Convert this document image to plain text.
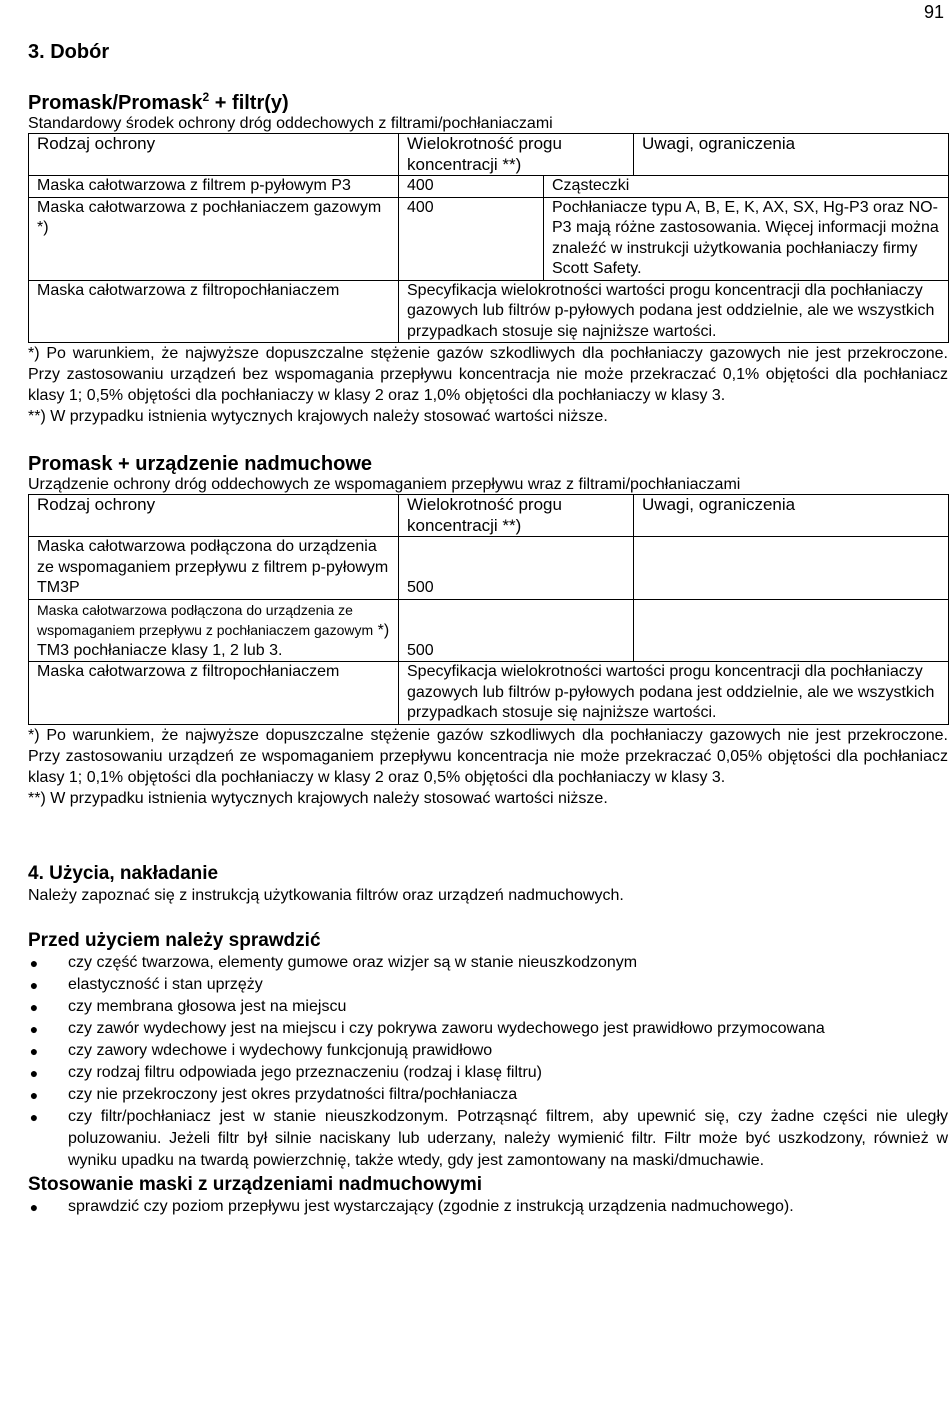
91
3. Dobór
Promask/Promask$^2$ + filtr(y)
Standardowy środek ochrony dróg oddechowych z filtrami/pochłaniaczami
Rodzaj ochrony	Wielokrotność progu koncentracji **)		Uwagi, ograniczenia
Maska całotwarzowa z filtrem p-pyłowym P3	400	Cząsteczki	
Maska całotwarzowa z pochłaniaczem gazowym *)	400	Pochłaniacze typu A, B, E, K, AX, SX, Hg-P3 oraz NO-P3 mają różne zastosowania. Więcej informacji można znaleźć w instrukcji użytkowania pochłaniaczy firmy Scott Safety.	
Maska całotwarzowa z filtropochłaniaczem	Specyfikacja wielokrotności wartości progu koncentracji dla pochłaniaczy gazowych lub filtrów p-pyłowych podana jest oddzielnie, ale we wszystkich przypadkach stosuje się najniższe wartości.		
*) Po warunkiem, że najwyższe dopuszczalne stężenie gazów szkodliwych dla pochłaniaczy gazowych nie jest przekroczone. Przy zastosowaniu urządzeń bez wspomagania przepływu koncentracja nie może przekraczać 0,1% objętości dla pochłaniacz klasy 1; 0,5% objętości dla pochłaniaczy w klasy 2 oraz 1,0% objętości dla pochłaniaczy w klasy 3.
**) W przypadku istnienia wytycznych krajowych należy stosować wartości niższe.
Promask + urządzenie nadmuchowe
Urządzenie ochrony dróg oddechowych ze wspomaganiem przepływu wraz z filtrami/pochłaniaczami
Rodzaj ochrony	Wielokrotność progu koncentracji **)	Uwagi, ograniczenia
Maska całotwarzowa podłączona do urządzenia ze wspomaganiem przepływu z filtrem p-pyłowym TM3P	500	

Maska całotwarzowa podłączona do urządzenia ze wspomaganiem przepływu z pochłaniaczem gazowym *)
TM3 pochłaniacze klasy 1, 2 lub 3.	500	
Maska całotwarzowa z filtropochłaniaczem	Specyfikacja wielokrotności wartości progu koncentracji dla pochłaniaczy gazowych lub filtrów p-pyłowych podana jest oddzielnie, ale we wszystkich przypadkach stosuje się najniższe wartości.	
*) Po warunkiem, że najwyższe dopuszczalne stężenie gazów szkodliwych dla pochłaniaczy gazowych nie jest przekroczone. Przy zastosowaniu urządzeń ze wspomaganiem przepływu koncentracja nie może przekraczać 0,05% objętości dla pochłaniacz klasy 1; 0,1% objętości dla pochłaniaczy w klasy 2 oraz 0,5% objętości dla pochłaniaczy w klasy 3.
**) W przypadku istnienia wytycznych krajowych należy stosować wartości niższe.
4. Użycia, nakładanie
Należy zapoznać się z instrukcją użytkowania filtrów oraz urządzeń nadmuchowych.
Przed użyciem należy sprawdzić
● czy część twarzowa, elementy gumowe oraz wizjer są w stanie nieuszkodzonym
● elastyczność i stan uprzęży
● czy membrana głosowa jest na miejscu
● czy zawór wydechowy jest na miejscu i czy pokrywa zaworu wydechowego jest prawidłowo przymocowana
● czy zawory wdechowe i wydechowy funkcjonują prawidłowo
● czy rodzaj filtru odpowiada jego przeznaczeniu (rodzaj i klasę filtru)
● czy nie przekroczony jest okres przydatności filtra/pochłaniacza
● czy filtr/pochłaniacz jest w stanie nieuszkodzonym. Potrząsnąć filtrem, aby upewnić się, czy żadne części nie uległy poluzowaniu. Jeżeli filtr był silnie naciskany lub uderzany, należy wymienić filtr. Filtr może być uszkodzony, również w wyniku upadku na twardą powierzchnię, także wtedy, gdy jest zamontowany na maski/dmuchawie.
Stosowanie maski z urządzeniami nadmuchowymi
● sprawdzić czy poziom przepływu jest wystarczający (zgodnie z instrukcją urządzenia nadmuchowego).
